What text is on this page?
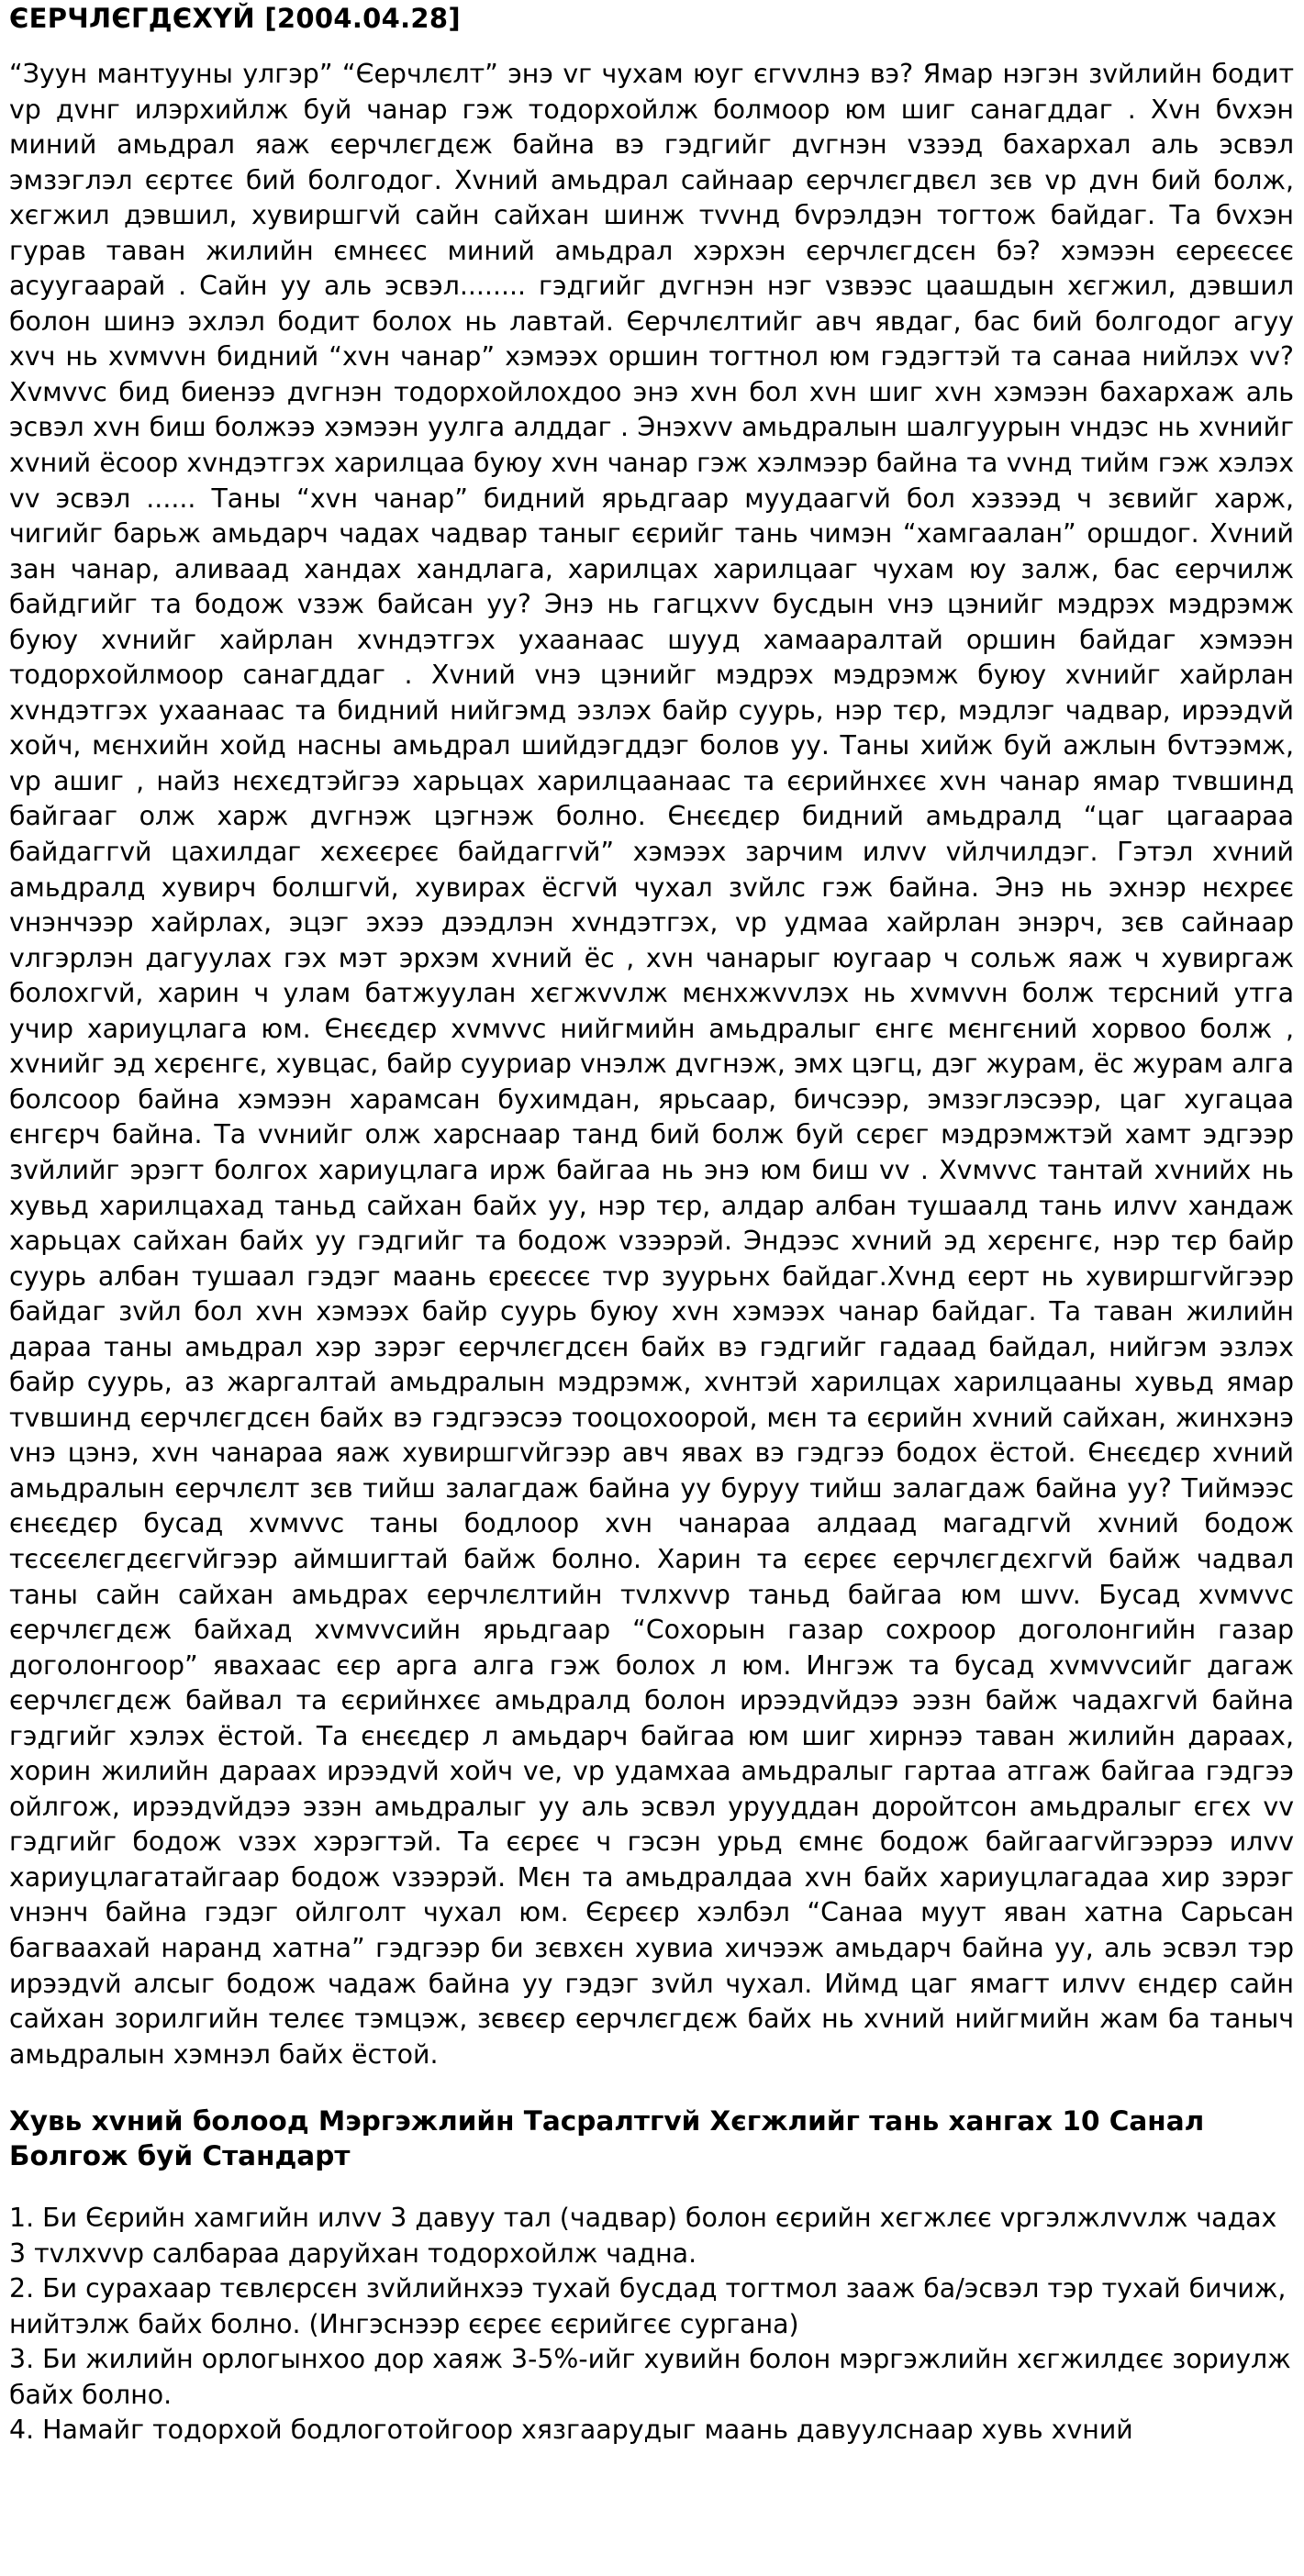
ЄЕРЧЛЄГДЄХҮЙ [2004.04.28]

“Зуун мантууны улгэр” “Єерчлєлт” энэ vг чухам юуг єгvvлнэ вэ? Ямар нэгэн зvйлийн бодит vр дvнг илэрхийлж буй чанар гэж тодорхойлж болмоор юм шиг санагддаг . Хvн бvхэн миний амьдрал яаж єерчлєгдєж байна вэ гэдгийг дvгнэн vзээд бахархал аль эсвэл эмзэглэл єєртєє бий болгодог. Хvний амьдрал сайнаар єерчлєгдвєл зєв vр дvн бий болж, хєгжил дэвшил, хувиршгvй сайн сайхан шинж тvvнд бvрэлдэн тогтож байдаг. Та бvхэн гурав таван жилийн ємнєєс миний амьдрал хэрхэн єерчлєгдсєн бэ? хэмээн єерєєсєє асуугаарай . Сайн уу аль эсвэл........ гэдгийг дvгнэн нэг vзвээс цаашдын хєгжил, дэвшил болон шинэ эхлэл бодит болох нь лавтай. Єерчлєлтийг авч явдаг, бас бий болгодог агуу хvч нь хvмvvн бидний “хvн чанар” хэмээх оршин тогтнол юм гэдэгтэй та санаа нийлэх vv? Хvмvvс бид биенээ дvгнэн тодорхойлохдоо энэ хvн бол хvн шиг хvн хэмээн бахархаж аль эсвэл хvн биш болжээ хэмээн уулга алддаг . Энэхvv амьдралын шалгуурын vндэс нь хvнийг хvний ёсоор хvндэтгэх харилцаа буюу хvн чанар гэж хэлмээр байна та vvнд тийм гэж хэлэх vv эсвэл ...... Таны “хvн чанар” бидний ярьдгаар муудаагvй бол хэзээд ч зєвийг харж, чигийг барьж амьдарч чадах чадвар таныг єєрийг тань чимэн “хамгаалан” оршдог. Хvний зан чанар, аливаад хандах хандлага, харилцах харилцааг чухам юу залж, бас єерчилж байдгийг та бодож vзэж байсан уу? Энэ нь гагцхvv бусдын vнэ цэнийг мэдрэх мэдрэмж буюу хvнийг хайрлан хvндэтгэх ухаанаас шууд хамааралтай оршин байдаг хэмээн тодорхойлмоор санагддаг . Хvний vнэ цэнийг мэдрэх мэдрэмж буюу хvнийг хайрлан хvндэтгэх ухаанаас та бидний нийгэмд эзлэх байр суурь, нэр тєр, мэдлэг чадвар, ирээдvй хойч, мєнхийн хойд насны амьдрал шийдэгддэг болов уу. Таны хийж буй ажлын бvтээмж, vр ашиг , найз нєхєдтэйгээ харьцах харилцаанаас та єєрийнхєє хvн чанар ямар тvвшинд байгааг олж харж дvгнэж цэгнэж болно. Єнєєдєр бидний амьдралд “цаг цагаараа байдаггvй цахилдаг хєхєєрєє байдаггvй” хэмээх зарчим илvv vйлчилдэг. Гэтэл хvний амьдралд хувирч болшгvй, хувирах ёсгvй чухал зvйлс гэж байна. Энэ нь эхнэр нєхрєє vнэнчээр хайрлах, эцэг эхээ дээдлэн хvндэтгэх, vр удмаа хайрлан энэрч, зєв сайнаар vлгэрлэн дагуулах гэх мэт эрхэм хvний ёс , хvн чанарыг юугаар ч сольж яаж ч хувиргаж болохгvй, харин ч улам батжуулан хєгжvvлж мєнхжvvлэх нь хvмvvн болж тєрсний утга учир хариуцлага юм. Єнєєдєр хvмvvс нийгмийн амьдралыг єнгє мєнгєний хорвоо болж , хvнийг эд хєрєнгє, хувцас, байр сууриар vнэлж дvгнэж, эмх цэгц, дэг журам, ёс журам алга болсоор байна хэмээн харамсан бухимдан, ярьсаар, бичсээр, эмзэглэсээр, цаг хугацаа єнгєрч байна. Та vvнийг олж харснаар танд бий болж буй сєрєг мэдрэмжтэй хамт эдгээр зvйлийг эрэгт болгох хариуцлага ирж байгаа нь энэ юм биш vv . Хvмvvс тантай хvнийх нь хувьд харилцахад таньд сайхан байх уу, нэр тєр, алдар албан тушаалд тань илvv хандаж харьцах сайхан байх уу гэдгийг та бодож vзээрэй. Эндээс хvний эд хєрєнгє, нэр тєр байр суурь албан тушаал гэдэг маань єрєєсєє тvр зуурьнх байдаг.Хvнд єерт нь хувиршгvйгээр байдаг зvйл бол хvн хэмээх байр суурь буюу хvн хэмээх чанар байдаг. Та таван жилийн дараа таны амьдрал хэр зэрэг єерчлєгдсєн байх вэ гэдгийг гадаад байдал, нийгэм эзлэх байр суурь, аз жаргалтай амьдралын мэдрэмж, хvнтэй харилцах харилцааны хувьд ямар тvвшинд єерчлєгдсєн байх вэ гэдгээсээ тооцохоорой, мєн та єєрийн хvний сайхан, жинхэнэ vнэ цэнэ, хvн чанараа яаж хувиршгvйгээр авч явах вэ гэдгээ бодох ёстой. Єнєєдєр хvний амьдралын єерчлєлт зєв тийш залагдаж байна уу буруу тийш залагдаж байна уу? Тиймээс єнєєдєр бусад хvмvvс таны бодлоор хvн чанараа алдаад магадгvй хvний бодож тєсєєлєгдєєгvйгээр аймшигтай байж болно. Харин та єєрєє єерчлєгдєхгvй байж чадвал таны сайн сайхан амьдрах єерчлєлтийн тvлхvvр таньд байгаа юм шvv. Бусад хvмvvс єерчлєгдєж байхад хvмvvсийн ярьдгаар “Сохорын газар сохроор доголонгийн газар доголонгоор” явахаас єєр арга алга гэж болох л юм. Ингэж та бусад хvмvvсийг дагаж єерчлєгдєж байвал та єєрийнхєє амьдралд болон ирээдvйдээ ээзн байж чадахгvй байна гэдгийг хэлэх ёстой. Та єнєєдєр л амьдарч байгаа юм шиг хирнээ таван жилийн дараах, хорин жилийн дараах ирээдvй хойч vе, vр удамхаа амьдралыг гартаа атгаж байгаа гэдгээ ойлгож, ирээдvйдээ эзэн амьдралыг уу аль эсвэл урууддан доройтсон амьдралыг єгєх vv гэдгийг бодож vзэх хэрэгтэй. Та єєрєє ч гэсэн урьд ємнє бодож байгаагvйгээрээ илvv хариуцлагатайгаар бодож vзээрэй. Мєн та амьдралдаа хvн байх хариуцлагадаа хир зэрэг vнэнч байна гэдэг ойлголт чухал юм. Єєрєєр хэлбэл “Санаа муут яван хатна Сарьсан багваахай наранд хатна” гэдгээр би зєвхєн хувиа хичээж амьдарч байна уу, аль эсвэл тэр ирээдvй алсыг бодож чадаж байна уу гэдэг зvйл чухал. Иймд цаг ямагт илvv єндєр сайн сайхан зорилгийн телєє тэмцэж, зєвєєр єерчлєгдєж байх нь хvний нийгмийн жам ба таныч амьдралын хэмнэл байх ёстой.

Хувь хvний болоод Мэргэжлийн Тасралтгvй Хєгжлийг тань хангах 10 Санал Болгож буй Стандарт
1. Би Єєрийн хамгийн илvv 3 давуу тал (чадвар) болон єєрийн хєгжлєє vргэлжлvvлж чадах 3 тvлхvvр салбараа даруйхан тодорхойлж чадна.
2. Би сурахаар тєвлєрсєн зvйлийнхээ тухай бусдад тогтмол зааж ба/эсвэл тэр тухай бичиж, нийтэлж байх болно. (Ингэснээр єєрєє єєрийгєє сургана)
3. Би жилийн орлогынхоо дор хаяж 3-5%-ийг хувийн болон мэргэжлийн хєгжилдєє зориулж байх болно.
4. Намайг тодорхой бодлоготойгоор хязгаарудыг маань давуулснаар хувь хvний
